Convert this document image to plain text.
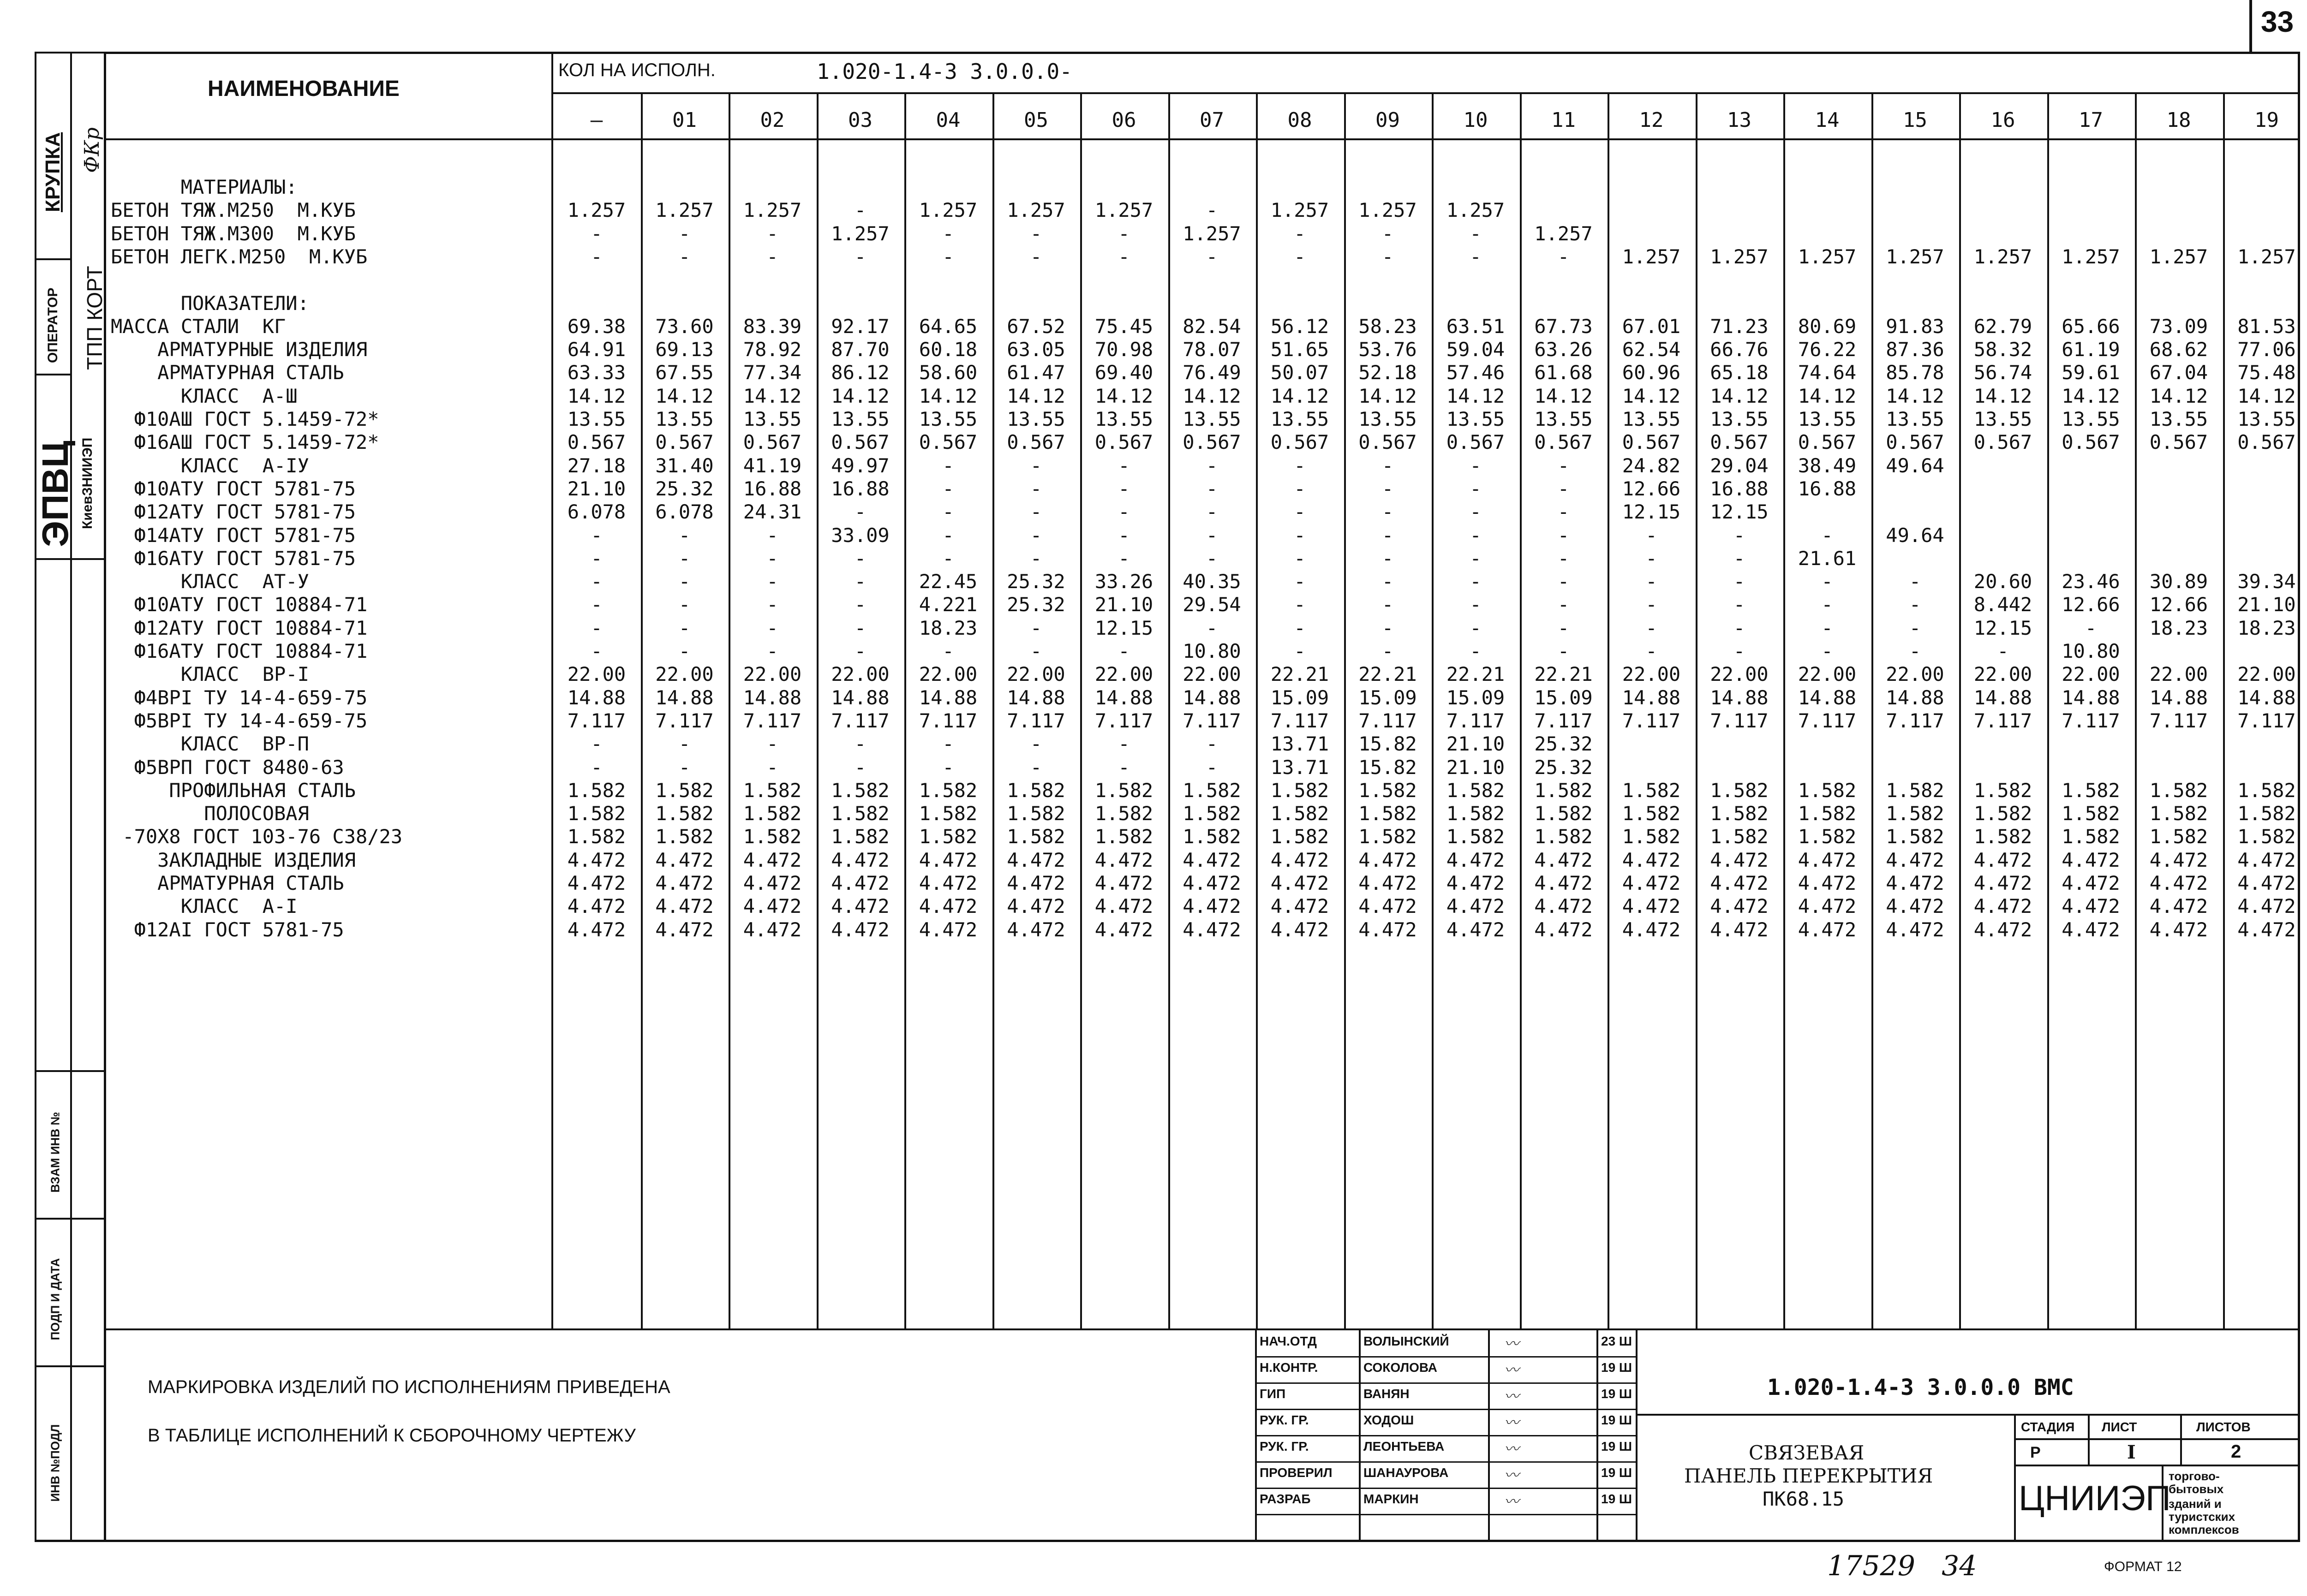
33
КРУПКА ФКр
ОПЕРАТОР ТПП КОРТ
ЭПВЦ КиевЗНИИЭП
ВЗАМ ИНВ №
ПОДП И ДАТА
ИНВ №ПОДЛ
НАИМЕНОВАНИЕ
КОЛ НА ИСПОЛН.	1.020-1.4-3 3.0.0.0-
—	01	02	03	04	05	06	07	08	09	10	11	12	13	14	15	16	17	18	19
МАТЕРИАЛЫ:
БЕТОН ТЯЖ.М250  М.КУБ	1.257	1.257	1.257	-	1.257	1.257	1.257	-	1.257	1.257	1.257
БЕТОН ТЯЖ.М300  М.КУБ	-	-	-	1.257	-	-	-	1.257	-	-	-	1.257
БЕТОН ЛЕГК.М250  М.КУБ	-	-	-	-	-	-	-	-	-	-	-	-	1.257	1.257	1.257	1.257	1.257	1.257	1.257	1.257
ПОКАЗАТЕЛИ:
МАССА СТАЛИ  КГ	69.38	73.60	83.39	92.17	64.65	67.52	75.45	82.54	56.12	58.23	63.51	67.73	67.01	71.23	80.69	91.83	62.79	65.66	73.09	81.53
АРМАТУРНЫЕ ИЗДЕЛИЯ	64.91	69.13	78.92	87.70	60.18	63.05	70.98	78.07	51.65	53.76	59.04	63.26	62.54	66.76	76.22	87.36	58.32	61.19	68.62	77.06
АРМАТУРНАЯ СТАЛЬ	63.33	67.55	77.34	86.12	58.60	61.47	69.40	76.49	50.07	52.18	57.46	61.68	60.96	65.18	74.64	85.78	56.74	59.61	67.04	75.48
КЛАСС  А-Ш	14.12	14.12	14.12	14.12	14.12	14.12	14.12	14.12	14.12	14.12	14.12	14.12	14.12	14.12	14.12	14.12	14.12	14.12	14.12	14.12
Ф10АШ ГОСТ 5.1459-72*	13.55	13.55	13.55	13.55	13.55	13.55	13.55	13.55	13.55	13.55	13.55	13.55	13.55	13.55	13.55	13.55	13.55	13.55	13.55	13.55
Ф16АШ ГОСТ 5.1459-72*	0.567	0.567	0.567	0.567	0.567	0.567	0.567	0.567	0.567	0.567	0.567	0.567	0.567	0.567	0.567	0.567	0.567	0.567	0.567	0.567
КЛАСС  А-IУ	27.18	31.40	41.19	49.97	-	-	-	-	-	-	-	-	24.82	29.04	38.49	49.64
Ф10АТУ ГОСТ 5781-75	21.10	25.32	16.88	16.88	-	-	-	-	-	-	-	-	12.66	16.88	16.88
Ф12АТУ ГОСТ 5781-75	6.078	6.078	24.31	-	-	-	-	-	-	-	-	-	12.15	12.15
Ф14АТУ ГОСТ 5781-75	-	-	-	33.09	-	-	-	-	-	-	-	-	-	-	-	49.64
Ф16АТУ ГОСТ 5781-75	-	-	-	-	-	-	-	-	-	-	-	-	-	-	21.61
КЛАСС  АТ-У	-	-	-	-	22.45	25.32	33.26	40.35	-	-	-	-	-	-	-	-	20.60	23.46	30.89	39.34
Ф10АТУ ГОСТ 10884-71	-	-	-	-	4.221	25.32	21.10	29.54	-	-	-	-	-	-	-	-	8.442	12.66	12.66	21.10
Ф12АТУ ГОСТ 10884-71	-	-	-	-	18.23	-	12.15	-	-	-	-	-	-	-	-	-	12.15	-	18.23	18.23
Ф16АТУ ГОСТ 10884-71	-	-	-	-	-	-	-	10.80	-	-	-	-	-	-	-	-	-	10.80
КЛАСС  ВР-I	22.00	22.00	22.00	22.00	22.00	22.00	22.00	22.00	22.21	22.21	22.21	22.21	22.00	22.00	22.00	22.00	22.00	22.00	22.00	22.00
Ф4ВРI ТУ 14-4-659-75	14.88	14.88	14.88	14.88	14.88	14.88	14.88	14.88	15.09	15.09	15.09	15.09	14.88	14.88	14.88	14.88	14.88	14.88	14.88	14.88
Ф5ВРI ТУ 14-4-659-75	7.117	7.117	7.117	7.117	7.117	7.117	7.117	7.117	7.117	7.117	7.117	7.117	7.117	7.117	7.117	7.117	7.117	7.117	7.117	7.117
КЛАСС  ВР-П	-	-	-	-	-	-	-	-	13.71	15.82	21.10	25.32
Ф5ВРП ГОСТ 8480-63	-	-	-	-	-	-	-	-	13.71	15.82	21.10	25.32
ПРОФИЛЬНАЯ СТАЛЬ	1.582	1.582	1.582	1.582	1.582	1.582	1.582	1.582	1.582	1.582	1.582	1.582	1.582	1.582	1.582	1.582	1.582	1.582	1.582	1.582
ПОЛОСОВАЯ	1.582	1.582	1.582	1.582	1.582	1.582	1.582	1.582	1.582	1.582	1.582	1.582	1.582	1.582	1.582	1.582	1.582	1.582	1.582	1.582
-70Х8 ГОСТ 103-76 С38/23	1.582	1.582	1.582	1.582	1.582	1.582	1.582	1.582	1.582	1.582	1.582	1.582	1.582	1.582	1.582	1.582	1.582	1.582	1.582	1.582
ЗАКЛАДНЫЕ ИЗДЕЛИЯ	4.472	4.472	4.472	4.472	4.472	4.472	4.472	4.472	4.472	4.472	4.472	4.472	4.472	4.472	4.472	4.472	4.472	4.472	4.472	4.472
АРМАТУРНАЯ СТАЛЬ	4.472	4.472	4.472	4.472	4.472	4.472	4.472	4.472	4.472	4.472	4.472	4.472	4.472	4.472	4.472	4.472	4.472	4.472	4.472	4.472
КЛАСС  А-I	4.472	4.472	4.472	4.472	4.472	4.472	4.472	4.472	4.472	4.472	4.472	4.472	4.472	4.472	4.472	4.472	4.472	4.472	4.472	4.472
Ф12АI ГОСТ 5781-75	4.472	4.472	4.472	4.472	4.472	4.472	4.472	4.472	4.472	4.472	4.472	4.472	4.472	4.472	4.472	4.472	4.472	4.472	4.472	4.472
МАРКИРОВКА ИЗДЕЛИЙ ПО ИСПОЛНЕНИЯМ ПРИВЕДЕНА
В ТАБЛИЦЕ ИСПОЛНЕНИЙ К СБОРОЧНОМУ ЧЕРТЕЖУ
НАЧ.ОТД	ВОЛЫНСКИЙ	23 Ш
〰
Н.КОНТР.	СОКОЛОВА	19 Ш
〰
ГИП	ВАНЯН	19 Ш
〰
РУК. ГР.	ХОДОШ	19 Ш
〰
РУК. ГР.	ЛЕОНТЬЕВА	19 Ш
〰
ПРОВЕРИЛ ШАНАУРОВА	19 Ш
〰
РАЗРАБ	МАРКИН	19 Ш
〰
1.020-1.4-3 3.0.0.0 ВМС
СВЯЗЕВАЯ
ПАНЕЛЬ ПЕРЕКРЫТИЯ
ПК68.15
СТАДИЯ ЛИСТ	ЛИСТОВ
Р	I	2
ЦНИИЭП
торгово-
бытовых
зданий и
туристских
комплексов
17529   34	ФОРМАТ 12
